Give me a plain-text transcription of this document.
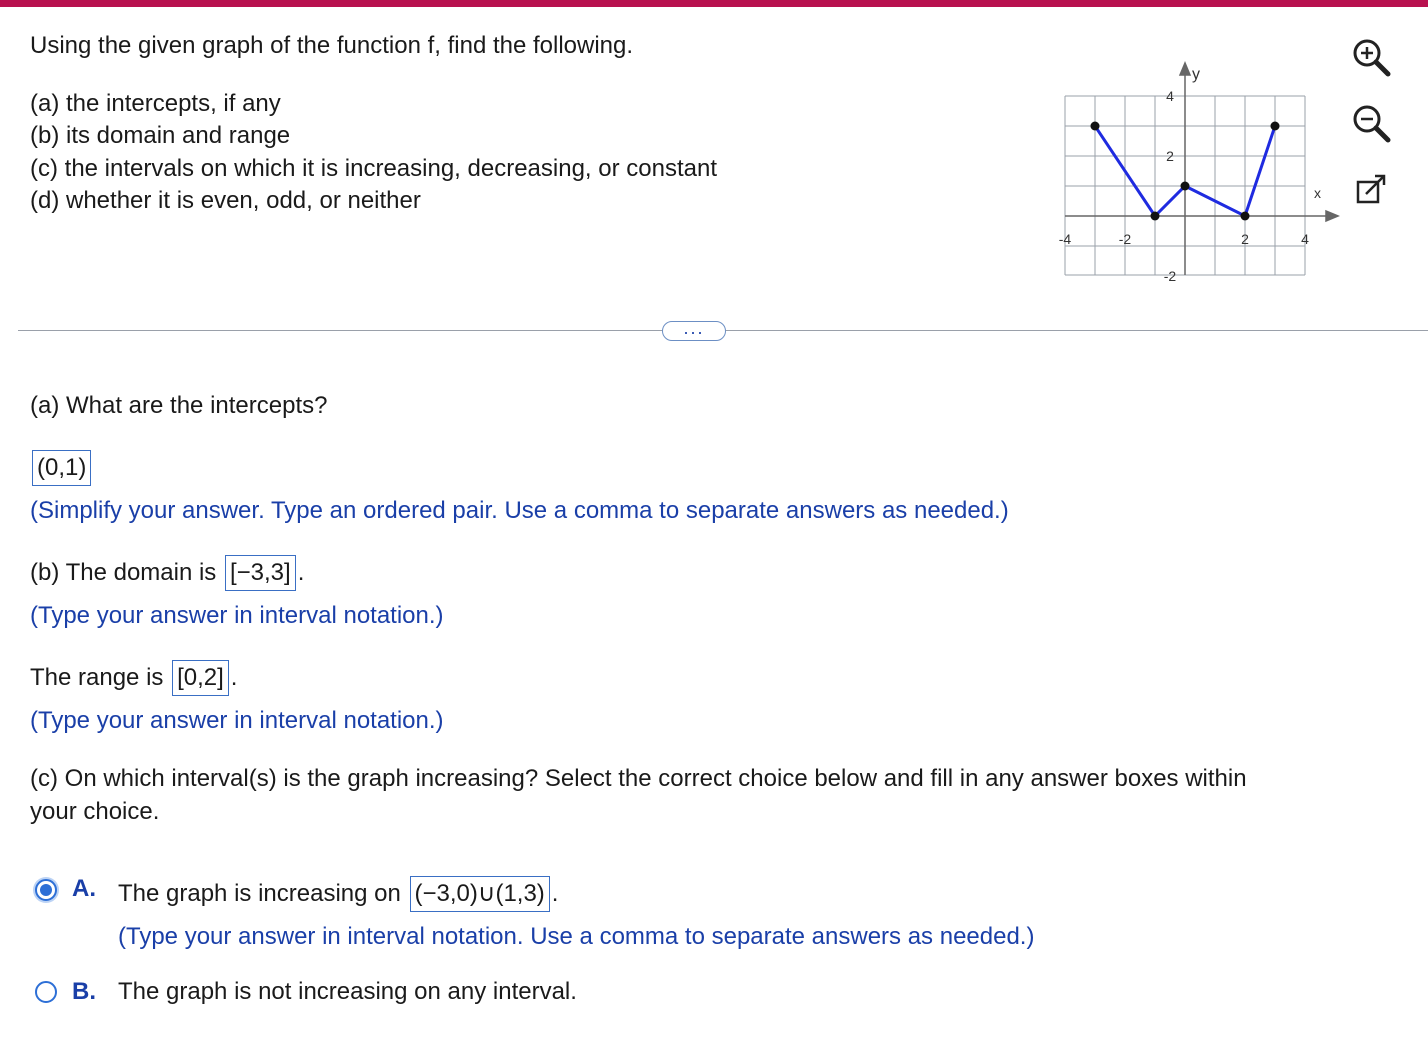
Using the given graph of the function f, find the following.
(a) the intercepts, if any
(b) its domain and range
(c) the intervals on which it is increasing, decreasing, or constant
(d) whether it is even, odd, or neither	x
y
-4	-2	2	4
4
2
-2
...
(a) What are the intercepts?
(0,1)
(Simplify your answer. Type an ordered pair. Use a comma to separate answers as needed.)
(b) The domain is [−3,3] .
(Type your answer in interval notation.)
The range is [0,2] .
(Type your answer in interval notation.)
(c) On which interval(s) is the graph increasing? Select the correct choice below and fill in any answer boxes within
your choice.
A. The graph is increasing on (−3,0)∪(1,3) .
(Type your answer in interval notation. Use a comma to separate answers as needed.)
B. The graph is not increasing on any interval.
